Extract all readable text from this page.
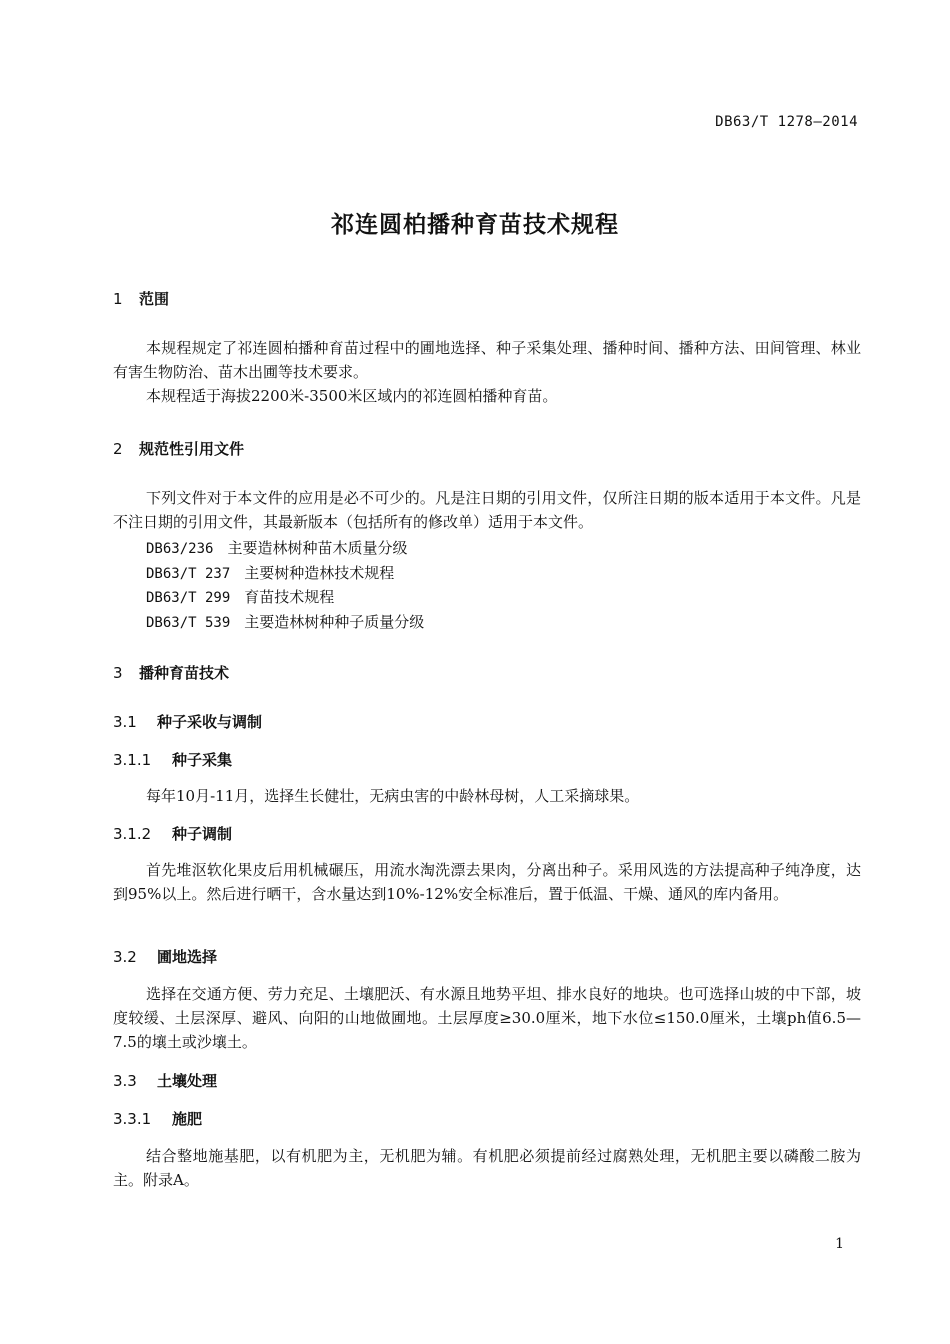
DB63/T 1278—2014
祁连圆柏播种育苗技术规程
1 范围

本规程规定了祁连圆柏播种育苗过程中的圃地选择、种子采集处理、播种时间、播种方法、田间管理、林业有害生物防治、苗木出圃等技术要求。

本规程适于海拔2200米-3500米区域内的祁连圆柏播种育苗。

2 规范性引用文件

下列文件对于本文件的应用是必不可少的。凡是注日期的引用文件，仅所注日期的版本适用于本文件。凡是不注日期的引用文件，其最新版本（包括所有的修改单）适用于本文件。

DB63/236 主要造林树种苗木质量分级
DB63/T 237 主要树种造林技术规程
DB63/T 299 育苗技术规程
DB63/T 539 主要造林树种种子质量分级
3 播种育苗技术
3.1 种子采收与调制
3.1.1 种子采集

每年10月-11月，选择生长健壮，无病虫害的中龄林母树，人工采摘球果。

3.1.2 种子调制

首先堆沤软化果皮后用机械碾压，用流水淘洗漂去果肉，分离出种子。采用风选的方法提高种子纯净度，达到95%以上。然后进行晒干，含水量达到10%-12%安全标准后，置于低温、干燥、通风的库内备用。

3.2 圃地选择

选择在交通方便、劳力充足、土壤肥沃、有水源且地势平坦、排水良好的地块。也可选择山坡的中下部，坡度较缓、土层深厚、避风、向阳的山地做圃地。土层厚度≥30.0厘米，地下水位≤150.0厘米，土壤ph值6.5—7.5的壤土或沙壤土。

3.3 土壤处理
3.3.1 施肥

结合整地施基肥，以有机肥为主，无机肥为辅。有机肥必须提前经过腐熟处理，无机肥主要以磷酸二胺为主。附录A。

1
